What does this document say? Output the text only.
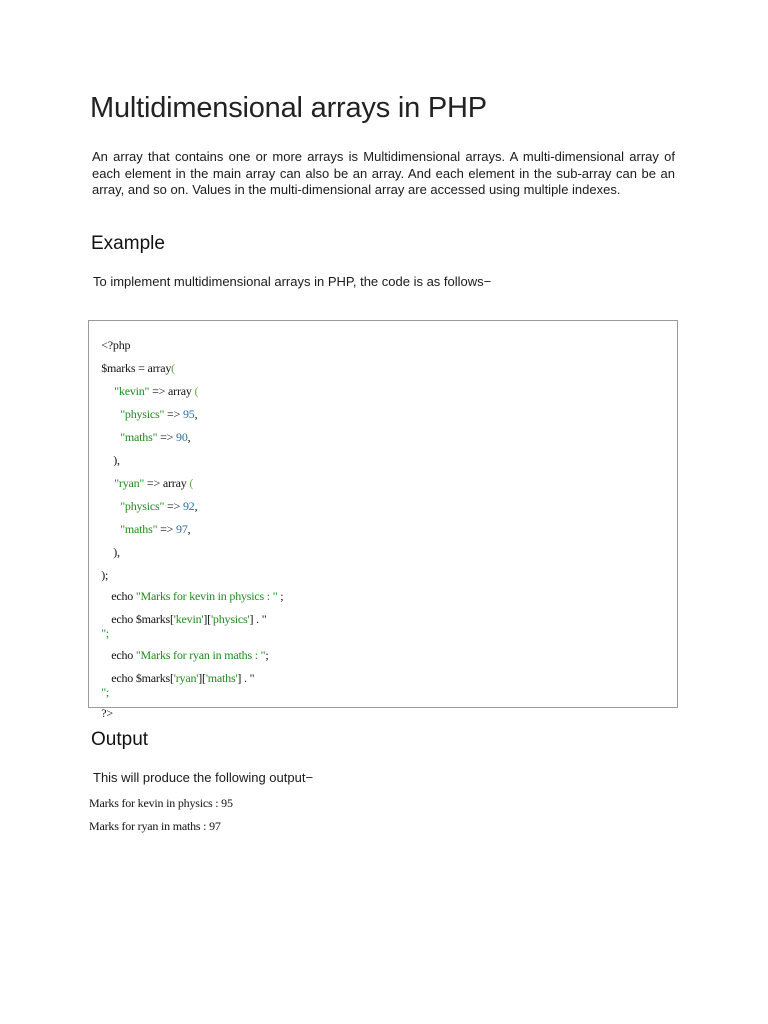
Multidimensional arrays in PHP

An array that contains one or more arrays is Multidimensional arrays. A multi-dimensional array of each element in the main array can also be an array. And each element in the sub-array can be an array, and so on. Values in the multi-dimensional array are accessed using multiple indexes.

Example

To implement multidimensional arrays in PHP, the code is as follows−

<?php

$marks = array(

"kevin" => array (

"physics" => 95,

"maths" => 90,

),

"ryan" => array (

"physics" => 92,

"maths" => 97,

),

);

echo "Marks for kevin in physics : " ;

echo $marks['kevin']['physics'] . "

";

echo "Marks for ryan in maths : ";

echo $marks['ryan']['maths'] . "

";

?>

Output

This will produce the following output−

Marks for kevin in physics : 95
Marks for ryan in maths : 97
